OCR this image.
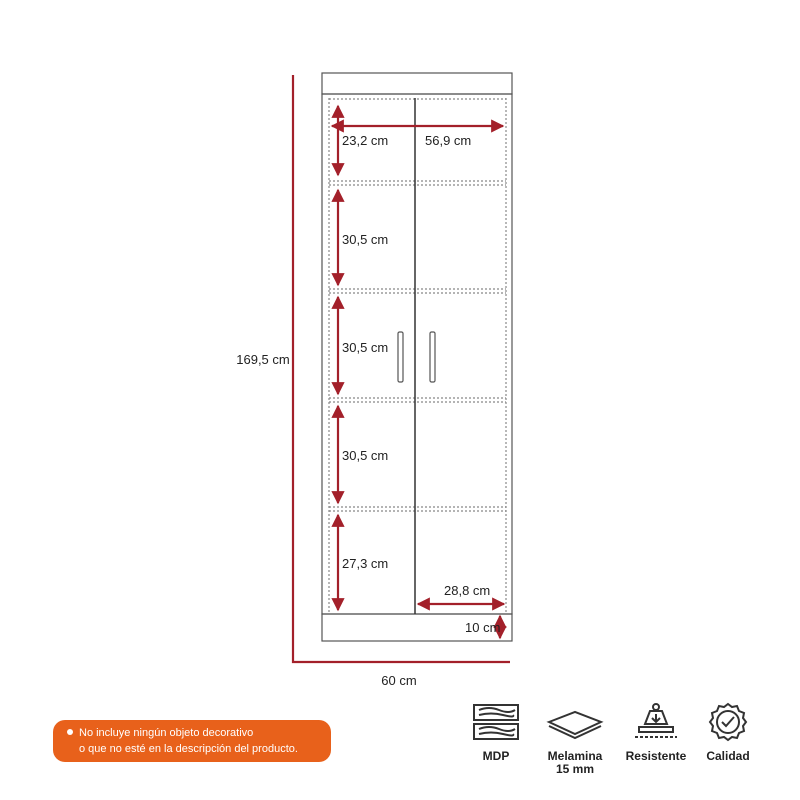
169,5 cm
60 cm
23,2 cm	56,9 cm
30,5 cm
30,5 cm
30,5 cm
27,3 cm
28,8 cm
10 cm
No incluye ningún objeto decorativo
o que no esté en la descripción del producto.	MDP	Melamina
15 mm
Resistente	Calidad
